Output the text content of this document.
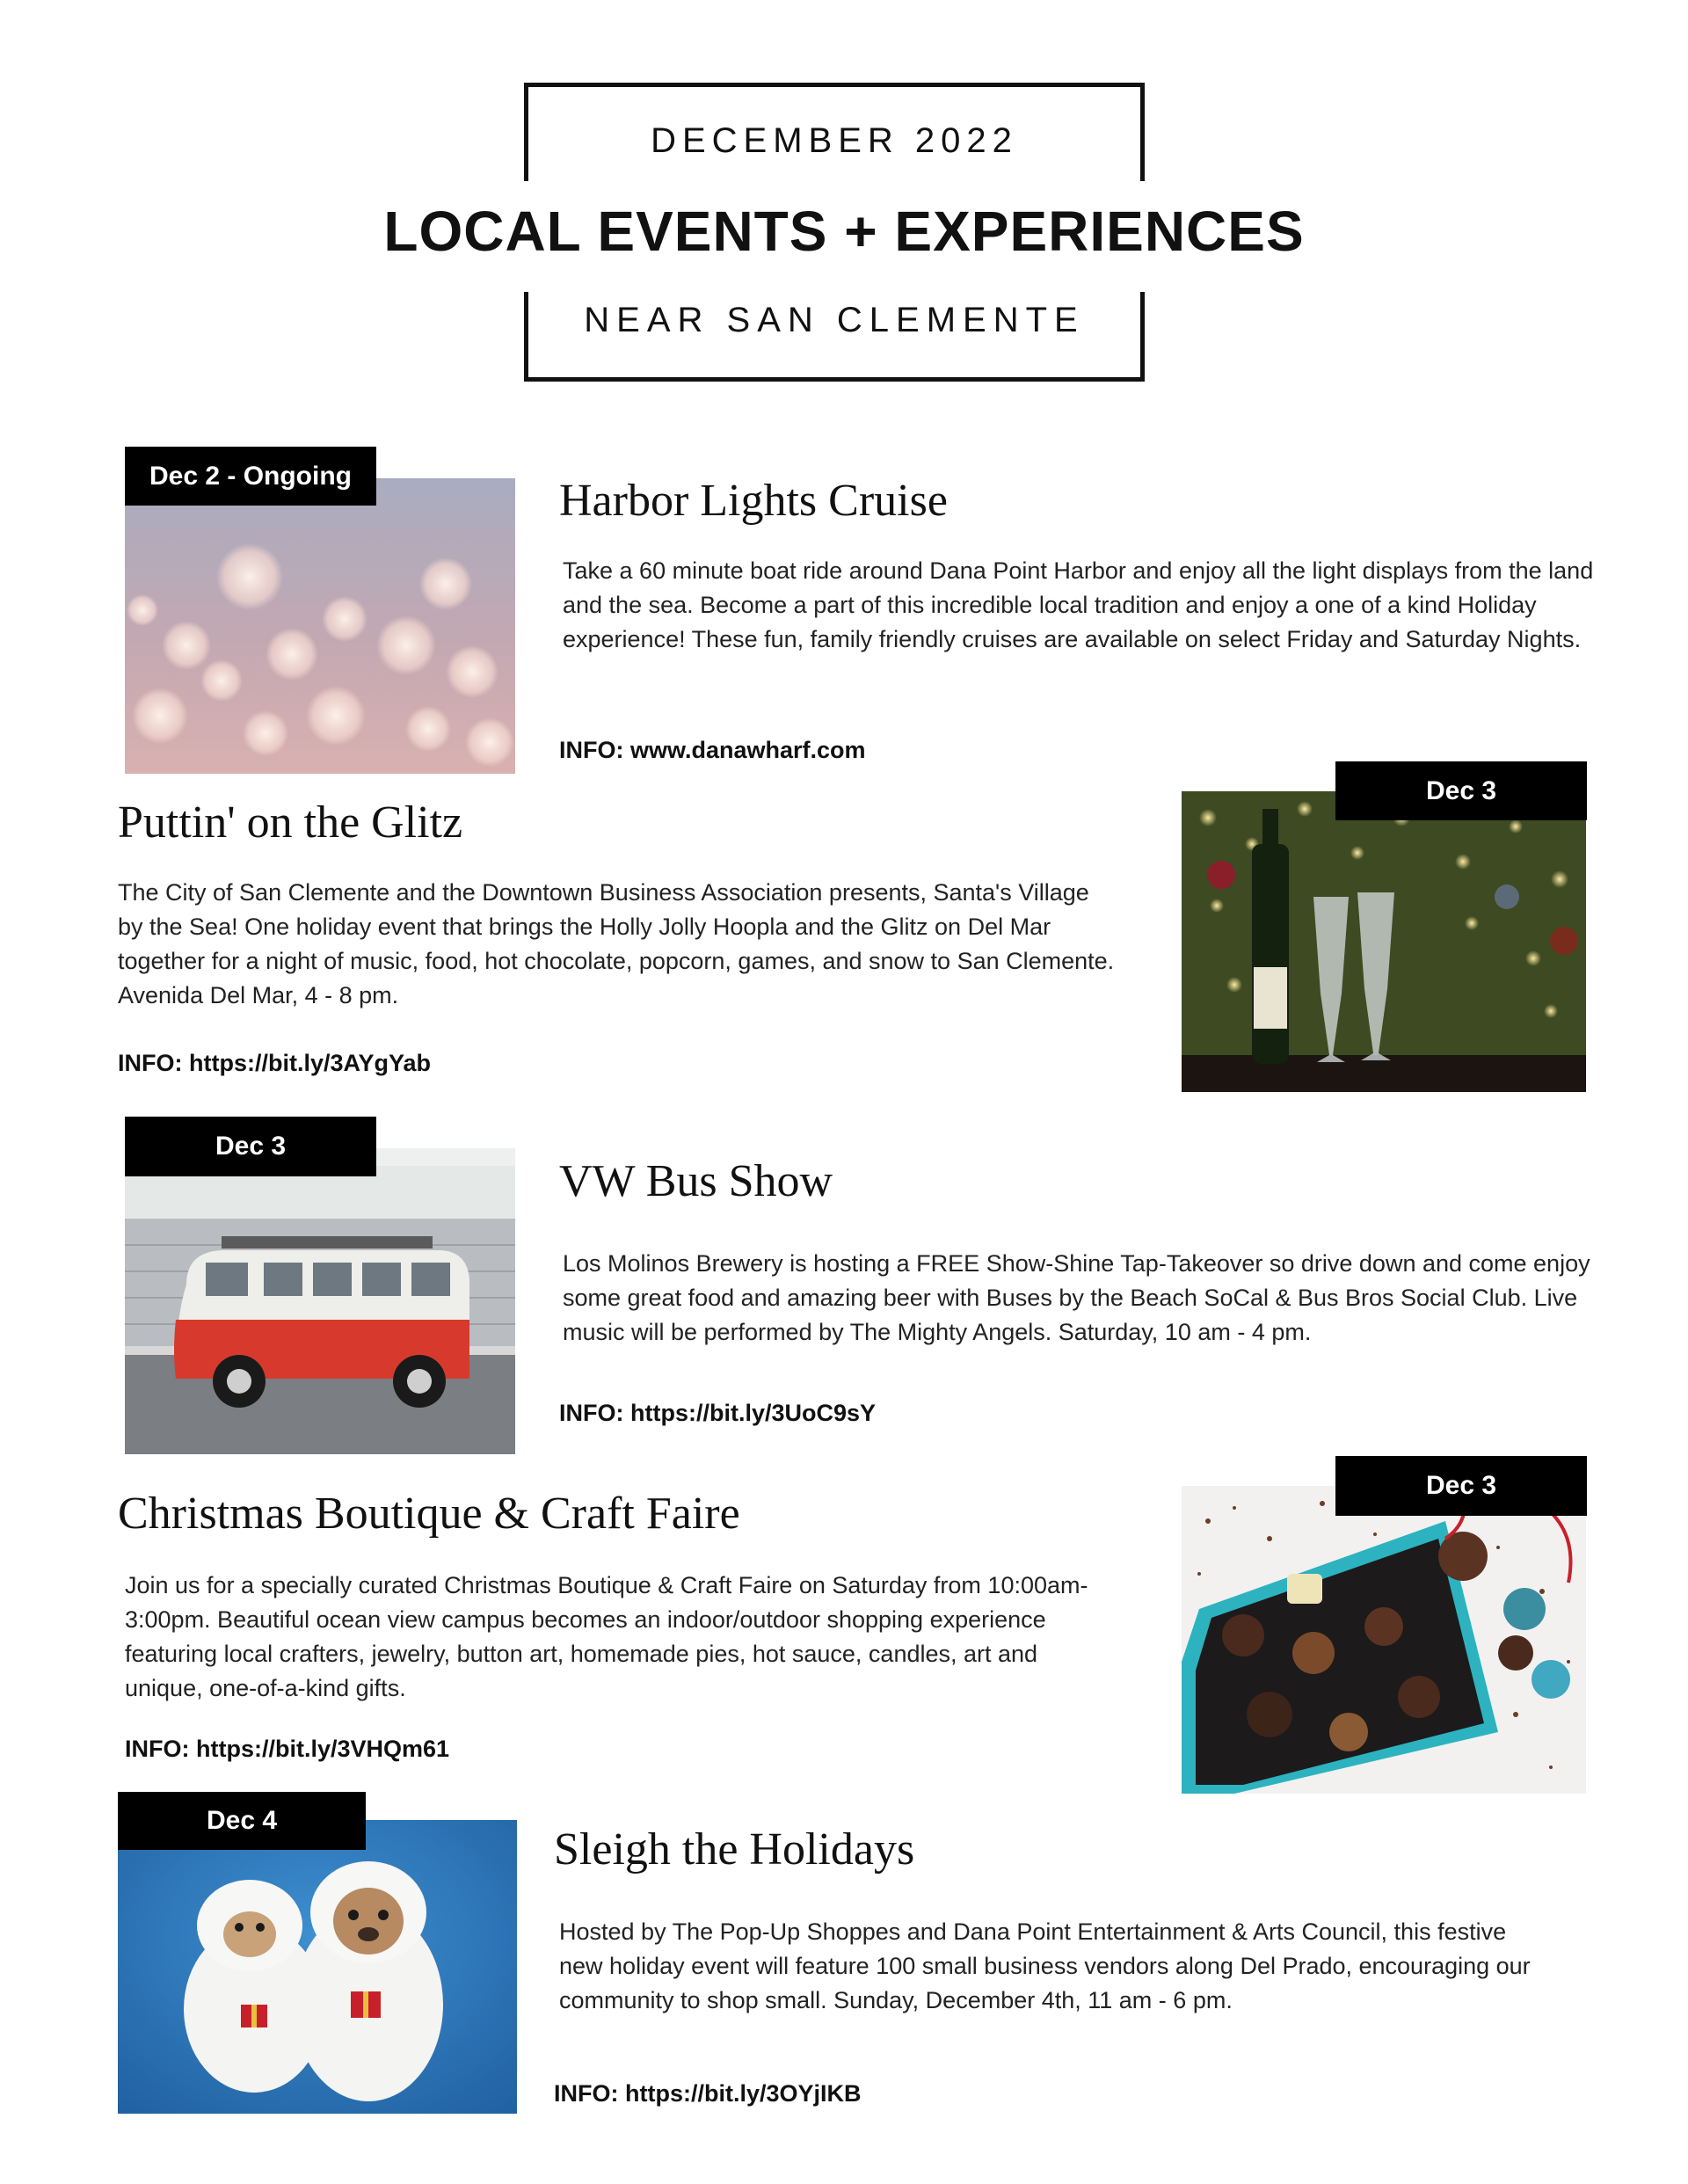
DECEMBER 2022
LOCAL EVENTS + EXPERIENCES
NEAR SAN CLEMENTE
Dec 2 - Ongoing	Harbor Lights Cruise
Take a 60 minute boat ride around Dana Point Harbor and enjoy all the light displays from the land and the sea. Become a part of this incredible local tradition and enjoy a one of a kind Holiday experience! These fun, family friendly cruises are available on select Friday and Saturday Nights.
INFO: www.danawharf.com
Dec 3
Puttin' on the Glitz
The City of San Clemente and the Downtown Business Association presents, Santa's Village by the Sea! One holiday event that brings the Holly Jolly Hoopla and the Glitz on Del Mar together for a night of music, food, hot chocolate, popcorn, games, and snow to San Clemente. Avenida Del Mar, 4 - 8 pm.
INFO: https://bit.ly/3AYgYab
Dec 3
VW Bus Show
Los Molinos Brewery is hosting a FREE Show-Shine Tap-Takeover so drive down and come enjoy some great food and amazing beer with Buses by the Beach SoCal & Bus Bros Social Club. Live music will be performed by The Mighty Angels. Saturday, 10 am - 4 pm.
INFO: https://bit.ly/3UoC9sY
Dec 3
Christmas Boutique & Craft Faire
Join us for a specially curated Christmas Boutique & Craft Faire on Saturday from 10:00am-3:00pm. Beautiful ocean view campus becomes an indoor/outdoor shopping experience featuring local crafters, jewelry, button art, homemade pies, hot sauce, candles, art and unique, one-of-a-kind gifts.
INFO: https://bit.ly/3VHQm61
Dec 4
Sleigh the Holidays
Hosted by The Pop-Up Shoppes and Dana Point Entertainment & Arts Council, this festive new holiday event will feature 100 small business vendors along Del Prado, encouraging our community to shop small. Sunday, December 4th, 11 am - 6 pm.
INFO: https://bit.ly/3OYjIKB
